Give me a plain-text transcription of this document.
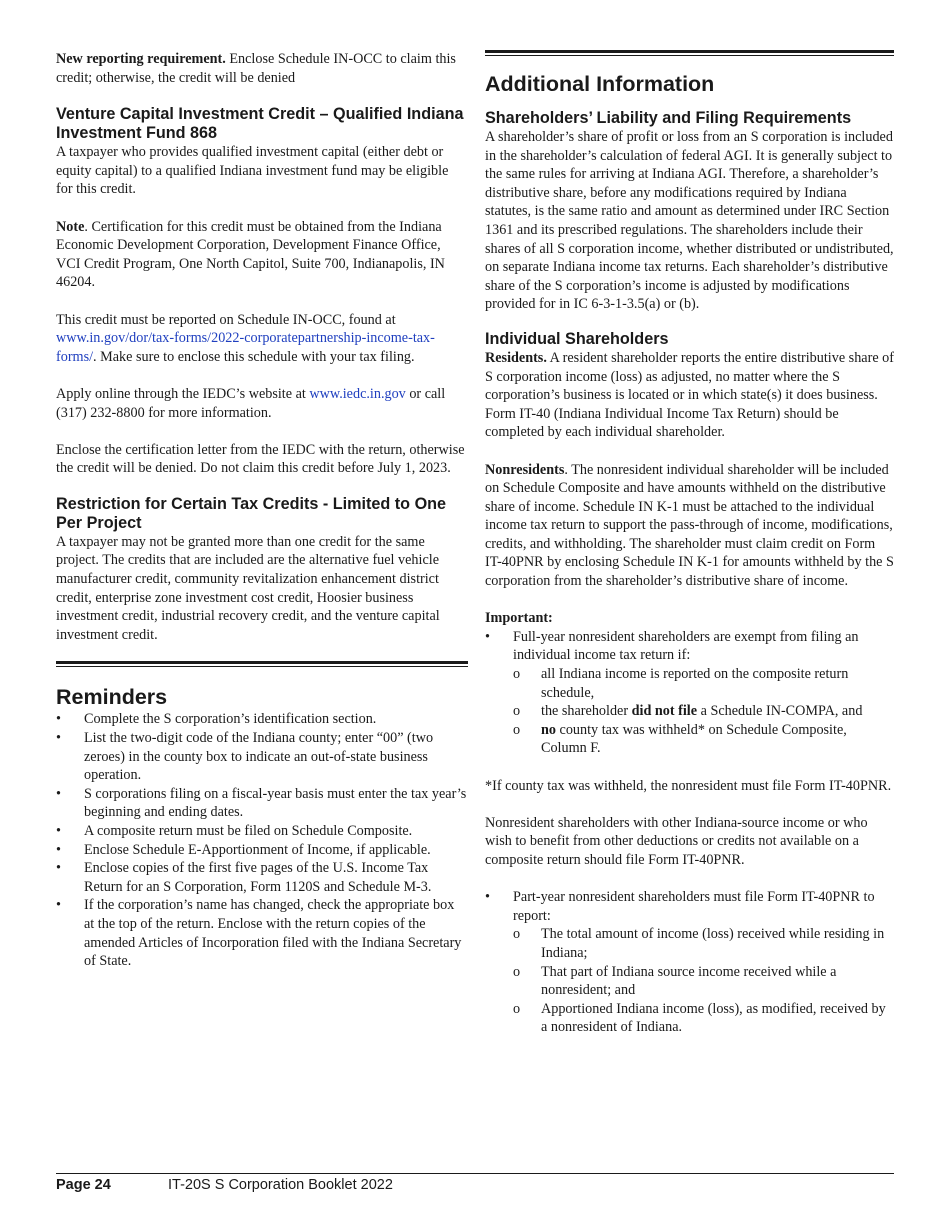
New reporting requirement. Enclose Schedule IN-OCC to claim this credit; otherwise, the credit will be denied

Venture Capital Investment Credit – Qualified Indiana Investment Fund 868

A taxpayer who provides qualified investment capital (either debt or equity capital) to a qualified Indiana investment fund may be eligible for this credit.

Note. Certification for this credit must be obtained from the Indiana Economic Development Corporation, Development Finance Office, VCI Credit Program, One North Capitol, Suite 700, Indianapolis, IN 46204.

This credit must be reported on Schedule IN-OCC, found at www.in.gov/dor/tax-forms/2022-corporatepartnership-income-tax-forms/. Make sure to enclose this schedule with your tax filing.

Apply online through the IEDC’s website at www.iedc.in.gov or call (317) 232-8800 for more information.

Enclose the certification letter from the IEDC with the return, otherwise the credit will be denied. Do not claim this credit before July 1, 2023.

Restriction for Certain Tax Credits - Limited to One Per Project

A taxpayer may not be granted more than one credit for the same project. The credits that are included are the alternative fuel vehicle manufacturer credit, community revitalization enhancement district credit, enterprise zone investment cost credit, Hoosier business investment credit, industrial recovery credit, and the venture capital investment credit.

Reminders
• Complete the S corporation’s identification section.
• List the two-digit code of the Indiana county; enter “00” (two zeroes) in the county box to indicate an out-of-state business operation.
• S corporations filing on a fiscal-year basis must enter the tax year’s beginning and ending dates.
• A composite return must be filed on Schedule Composite.
• Enclose Schedule E-Apportionment of Income, if applicable.
• Enclose copies of the first five pages of the U.S. Income Tax Return for an S Corporation, Form 1120S and Schedule M-3.
• If the corporation’s name has changed, check the appropriate box at the top of the return. Enclose with the return copies of the amended Articles of Incorporation filed with the Indiana Secretary of State.
Additional Information
Shareholders’ Liability and Filing Requirements

A shareholder’s share of profit or loss from an S corporation is included in the shareholder’s calculation of federal AGI. It is generally subject to the same rules for arriving at Indiana AGI. Therefore, a shareholder’s distributive share, before any modifications required by Indiana statutes, is the same ratio and amount as determined under IRC Section 1361 and its prescribed regulations. The shareholders include their shares of all S corporation income, whether distributed or undistributed, on separate Indiana income tax returns. Each shareholder’s distributive share of the S corporation’s income is adjusted by modifications provided for in IC 6-3-1-3.5(a) or (b).

Individual Shareholders

Residents. A resident shareholder reports the entire distributive share of S corporation income (loss) as adjusted, no matter where the S corporation’s business is located or in which state(s) it does business. Form IT-40 (Indiana Individual Income Tax Return) should be completed by each individual shareholder.

Nonresidents. The nonresident individual shareholder will be included on Schedule Composite and have amounts withheld on the distributive share of income. Schedule IN K-1 must be attached to the individual income tax return to support the pass-through of income, modifications, credits, and withholding. The shareholder must claim credit on Form IT-40PNR by enclosing Schedule IN K-1 for amounts withheld by the S corporation from the shareholder’s distributive share of income.

Important:

• Full-year nonresident shareholders are exempt from filing an individual income tax return if:
o all Indiana income is reported on the composite return schedule,
o the shareholder did not file a Schedule IN-COMPA, and
o no county tax was withheld* on Schedule Composite, Column F.

*If county tax was withheld, the nonresident must file Form IT-40PNR.

Nonresident shareholders with other Indiana-source income or who wish to benefit from other deductions or credits not available on a composite return should file Form IT-40PNR.

• Part-year nonresident shareholders must file Form IT-40PNR to report:
o The total amount of income (loss) received while residing in Indiana;
o That part of Indiana source income received while a nonresident; and
o Apportioned Indiana income (loss), as modified, received by a nonresident of Indiana.
Page 24	IT-20S S Corporation Booklet 2022
